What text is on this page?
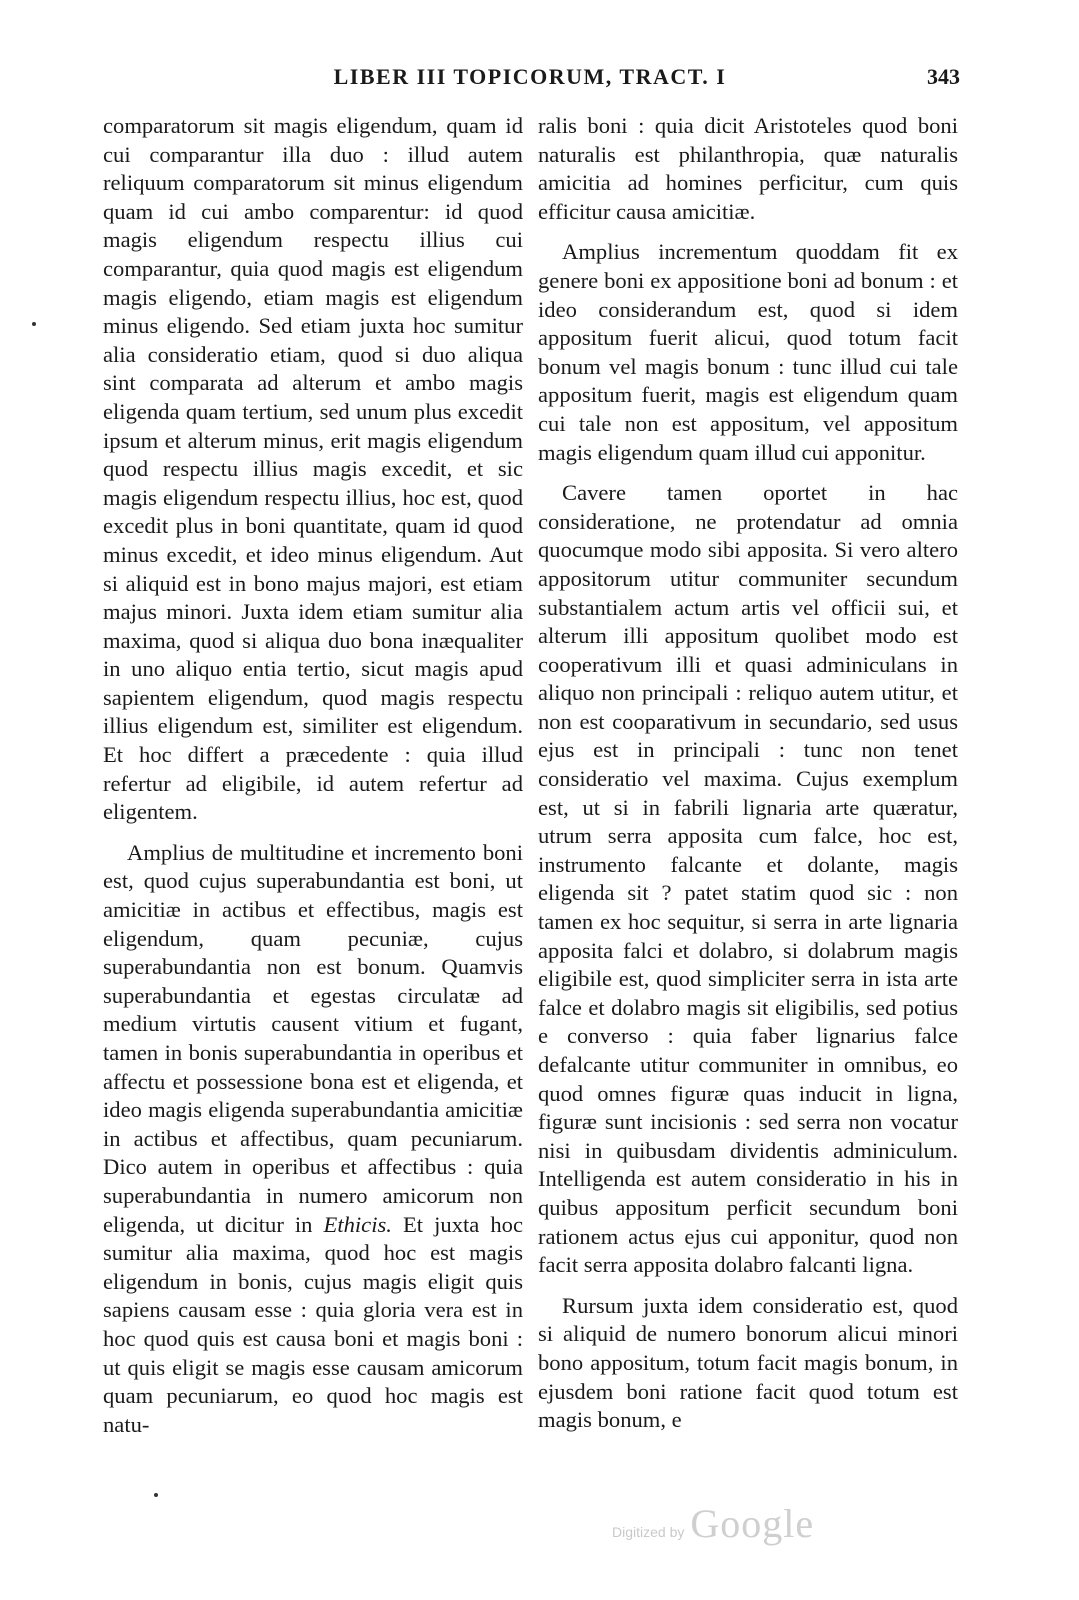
LIBER III TOPICORUM, TRACT. I	343

comparatorum sit magis eligendum, quam id cui comparantur illa duo : illud autem reliquum comparatorum sit minus eligendum quam id cui ambo comparentur: id quod magis eligendum respectu illius cui comparantur, quia quod magis est eligendum magis eligendo, etiam magis est eligendum minus eligendo. Sed etiam juxta hoc sumitur alia consideratio etiam, quod si duo aliqua sint comparata ad alterum et ambo magis eligenda quam tertium, sed unum plus excedit ipsum et alterum minus, erit magis eligendum quod respectu illius magis excedit, et sic magis eligendum respectu illius, hoc est, quod excedit plus in boni quantitate, quam id quod minus excedit, et ideo minus eligendum. Aut si aliquid est in bono majus majori, est etiam majus minori. Juxta idem etiam sumitur alia maxima, quod si aliqua duo bona inæqualiter in uno aliquo entia tertio, sicut magis apud sapientem eligendum, quod magis respectu illius eligendum est, similiter est eligendum. Et hoc differt a præcedente : quia illud refertur ad eligibile, id autem refertur ad eligentem.

Amplius de multitudine et incremento boni est, quod cujus superabundantia est boni, ut amicitiæ in actibus et effectibus, magis est eligendum, quam pecuniæ, cujus superabundantia non est bonum. Quamvis superabundantia et egestas circulatæ ad medium virtutis causent vitium et fugant, tamen in bonis superabundantia in operibus et affectu et possessione bona est et eligenda, et ideo magis eligenda superabundantia amicitiæ in actibus et affectibus, quam pecuniarum. Dico autem in operibus et affectibus : quia superabundantia in numero amicorum non eligenda, ut dicitur in Ethicis. Et juxta hoc sumitur alia maxima, quod hoc est magis eligendum in bonis, cujus magis eligit quis sapiens causam esse : quia gloria vera est in hoc quod quis est causa boni et magis boni : ut quis eligit se magis esse causam amicorum quam pecuniarum, eo quod hoc magis est natu-

ralis boni : quia dicit Aristoteles quod boni naturalis est philanthropia, quæ naturalis amicitia ad homines perficitur, cum quis efficitur causa amicitiæ.

Amplius incrementum quoddam fit ex genere boni ex appositione boni ad bonum : et ideo considerandum est, quod si idem appositum fuerit alicui, quod totum facit bonum vel magis bonum : tunc illud cui tale appositum fuerit, magis est eligendum quam cui tale non est appositum, vel appositum magis eligendum quam illud cui apponitur.

Cavere tamen oportet in hac consideratione, ne protendatur ad omnia quocumque modo sibi apposita. Si vero altero appositorum utitur communiter secundum substantialem actum artis vel officii sui, et alterum illi appositum quolibet modo est cooperativum illi et quasi adminiculans in aliquo non principali : reliquo autem utitur, et non est cooparativum in secundario, sed usus ejus est in principali : tunc non tenet consideratio vel maxima. Cujus exemplum est, ut si in fabrili lignaria arte quæratur, utrum serra apposita cum falce, hoc est, instrumento falcante et dolante, magis eligenda sit ? patet statim quod sic : non tamen ex hoc sequitur, si serra in arte lignaria apposita falci et dolabro, si dolabrum magis eligibile est, quod simpliciter serra in ista arte falce et dolabro magis sit eligibilis, sed potius e converso : quia faber lignarius falce defalcante utitur communiter in omnibus, eo quod omnes figuræ quas inducit in ligna, figuræ sunt incisionis : sed serra non vocatur nisi in quibusdam dividentis adminiculum. Intelligenda est autem consideratio in his in quibus appositum perficit secundum boni rationem actus ejus cui apponitur, quod non facit serra apposita dolabro falcanti ligna.

Rursum juxta idem consideratio est, quod si aliquid de numero bonorum alicui minori bono appositum, totum facit magis bonum, in ejusdem boni ratione facit quod totum est magis bonum, e

Digitized by Google
